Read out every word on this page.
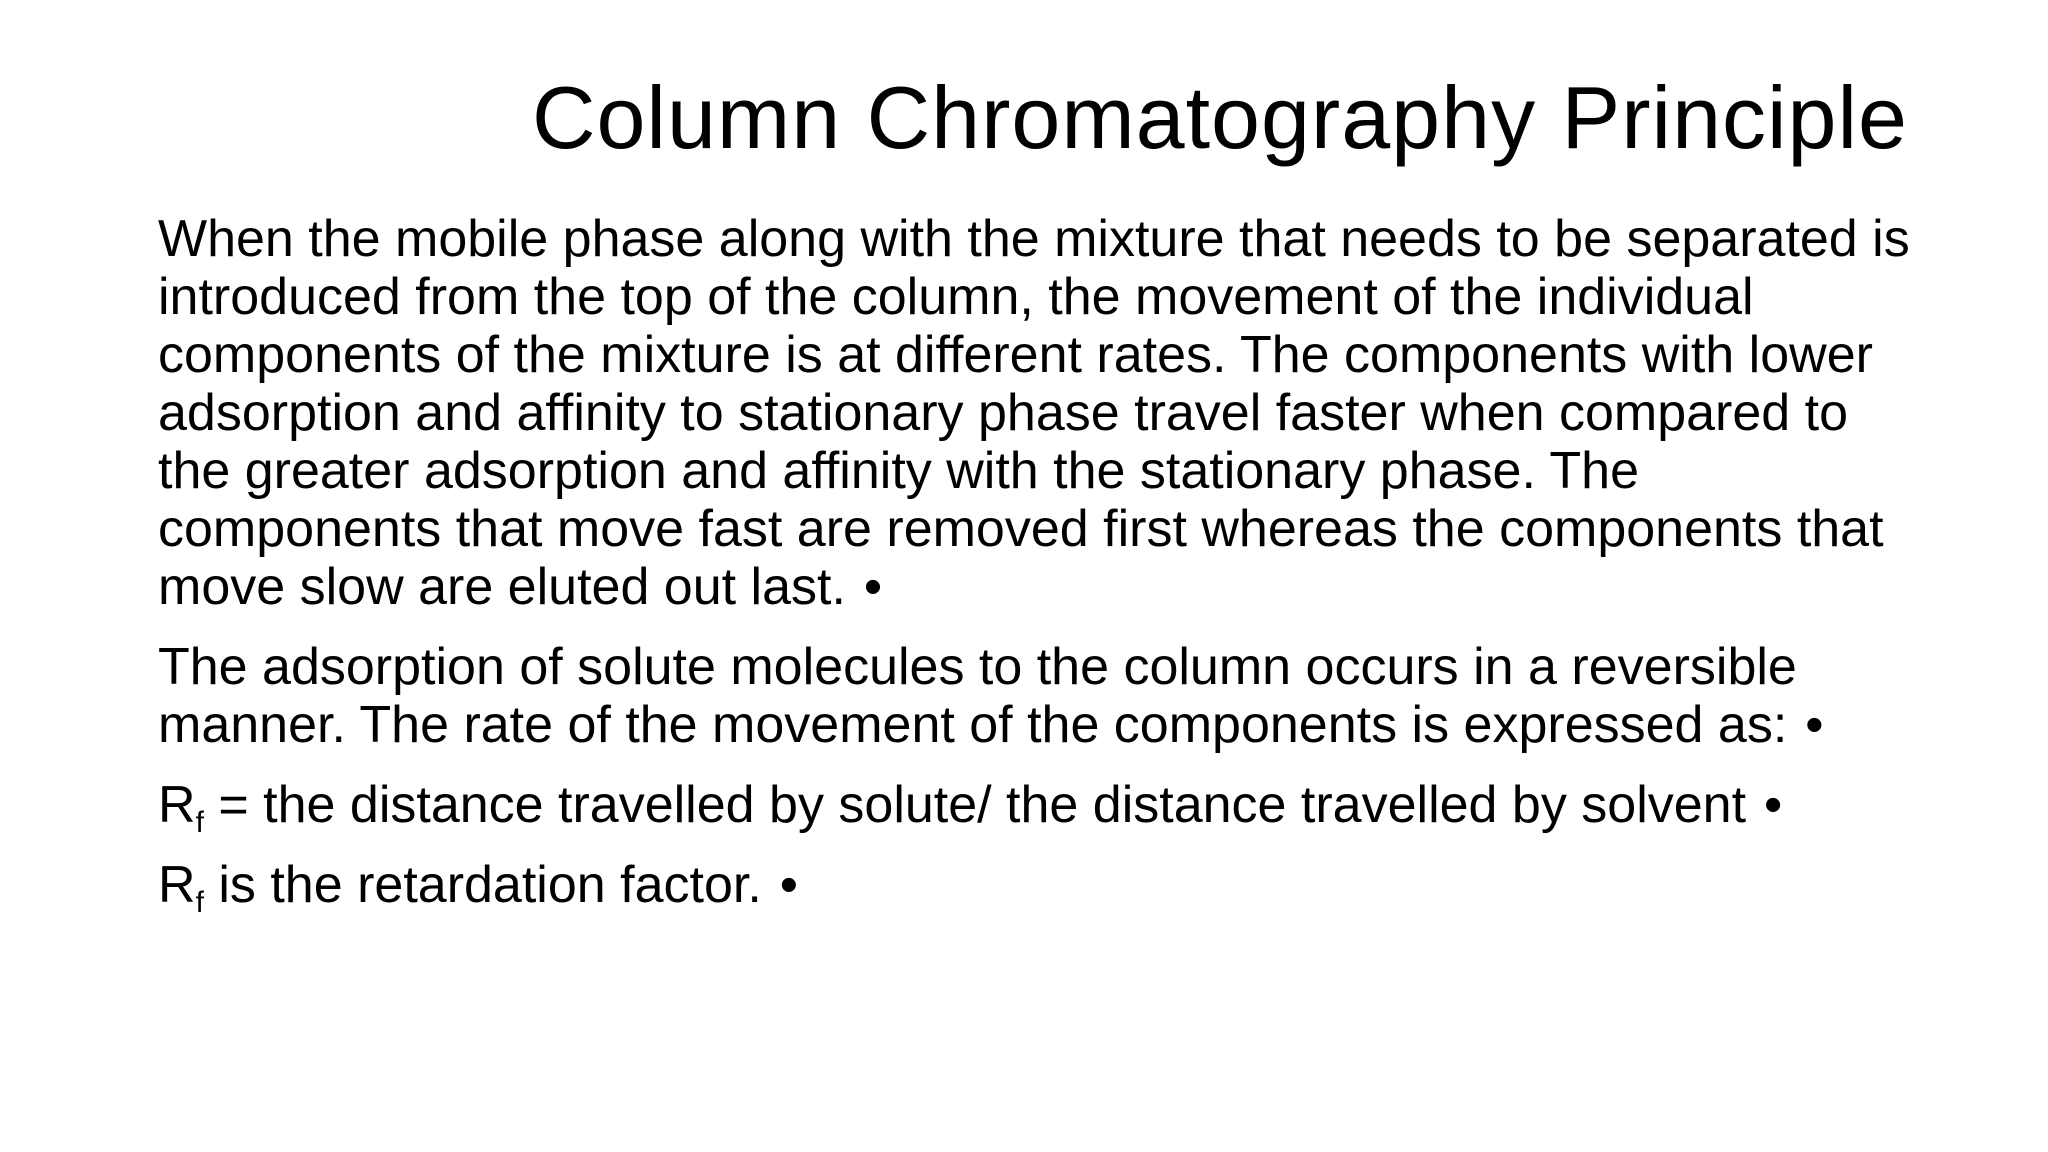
Column Chromatography Principle

When the mobile phase along with the mixture that needs to be separated is introduced from the top of the column, the movement of the individual components of the mixture is at different rates. The components with lower adsorption and affinity to stationary phase travel faster when compared to the greater adsorption and affinity with the stationary phase. The components that move fast are removed first whereas the components that move slow are eluted out last. •

The adsorption of solute molecules to the column occurs in a reversible manner. The rate of the movement of the components is expressed as: •

$R_f$ = the distance travelled by solute/ the distance travelled by solvent •

$R_f$ is the retardation factor. •
